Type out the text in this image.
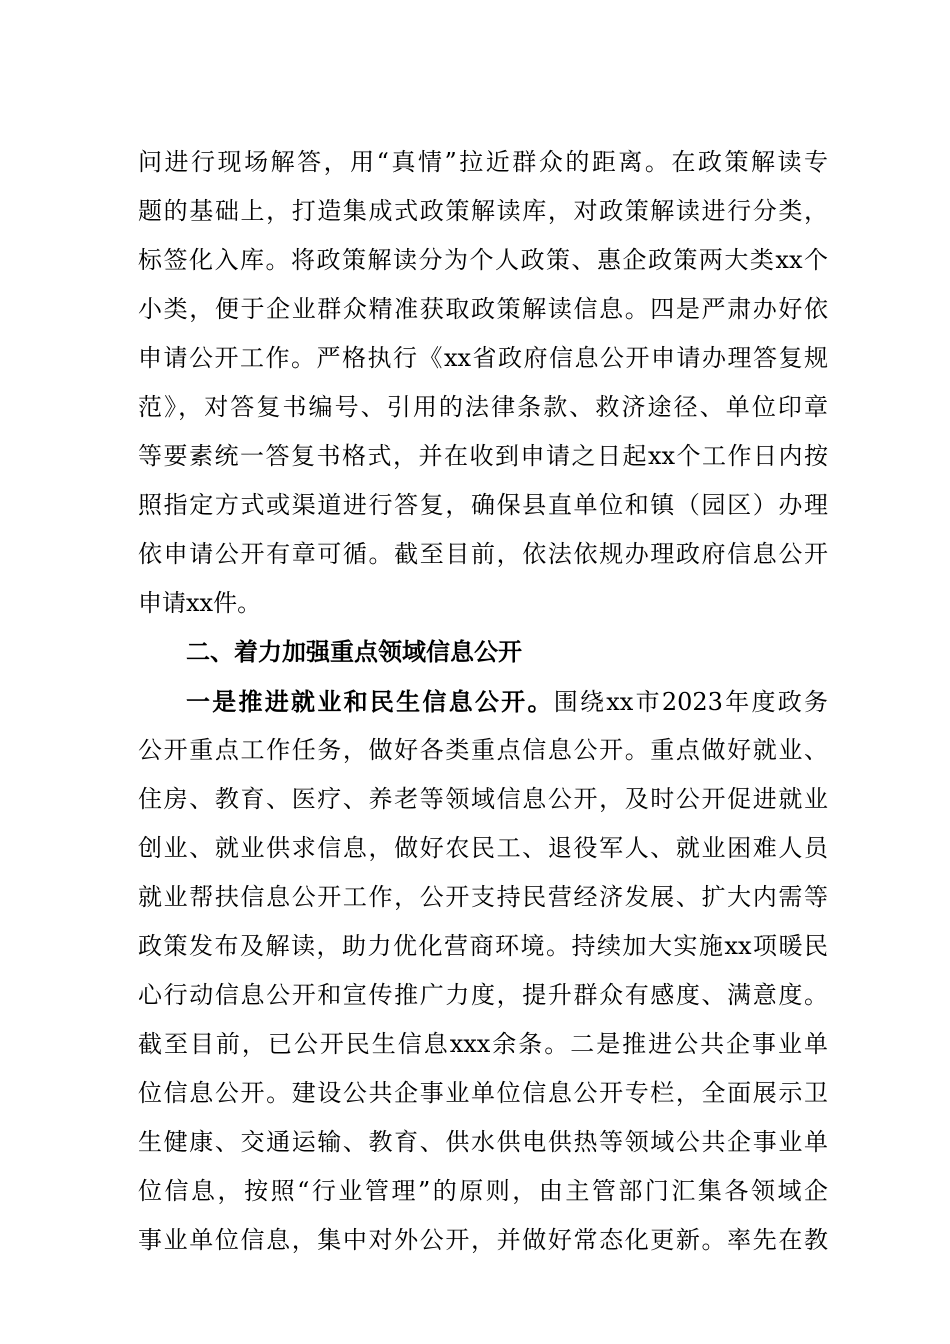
问进行现场解答，用“真情”拉近群众的距离。在政策解读专
题的基础上，打造集成式政策解读库，对政策解读进行分类，
标签化入库。将政策解读分为个人政策、惠企政策两大类xx个
小类，便于企业群众精准获取政策解读信息。四是严肃办好依
申请公开工作。严格执行《xx省政府信息公开申请办理答复规
范》，对答复书编号、引用的法律条款、救济途径、单位印章
等要素统一答复书格式，并在收到申请之日起xx个工作日内按
照指定方式或渠道进行答复，确保县直单位和镇（园区）办理
依申请公开有章可循。截至目前，依法依规办理政府信息公开
申请xx件。
二、着力加强重点领域信息公开
一是推进就业和民生信息公开。围绕xx市2023年度政务
公开重点工作任务，做好各类重点信息公开。重点做好就业、
住房、教育、医疗、养老等领域信息公开，及时公开促进就业
创业、就业供求信息，做好农民工、退役军人、就业困难人员
就业帮扶信息公开工作，公开支持民营经济发展、扩大内需等
政策发布及解读，助力优化营商环境。持续加大实施xx项暖民
心行动信息公开和宣传推广力度，提升群众有感度、满意度。
截至目前，已公开民生信息xxx余条。二是推进公共企事业单
位信息公开。建设公共企事业单位信息公开专栏，全面展示卫
生健康、交通运输、教育、供水供电供热等领域公共企事业单
位信息，按照“行业管理”的原则，由主管部门汇集各领域企
事业单位信息，集中对外公开，并做好常态化更新。率先在教
